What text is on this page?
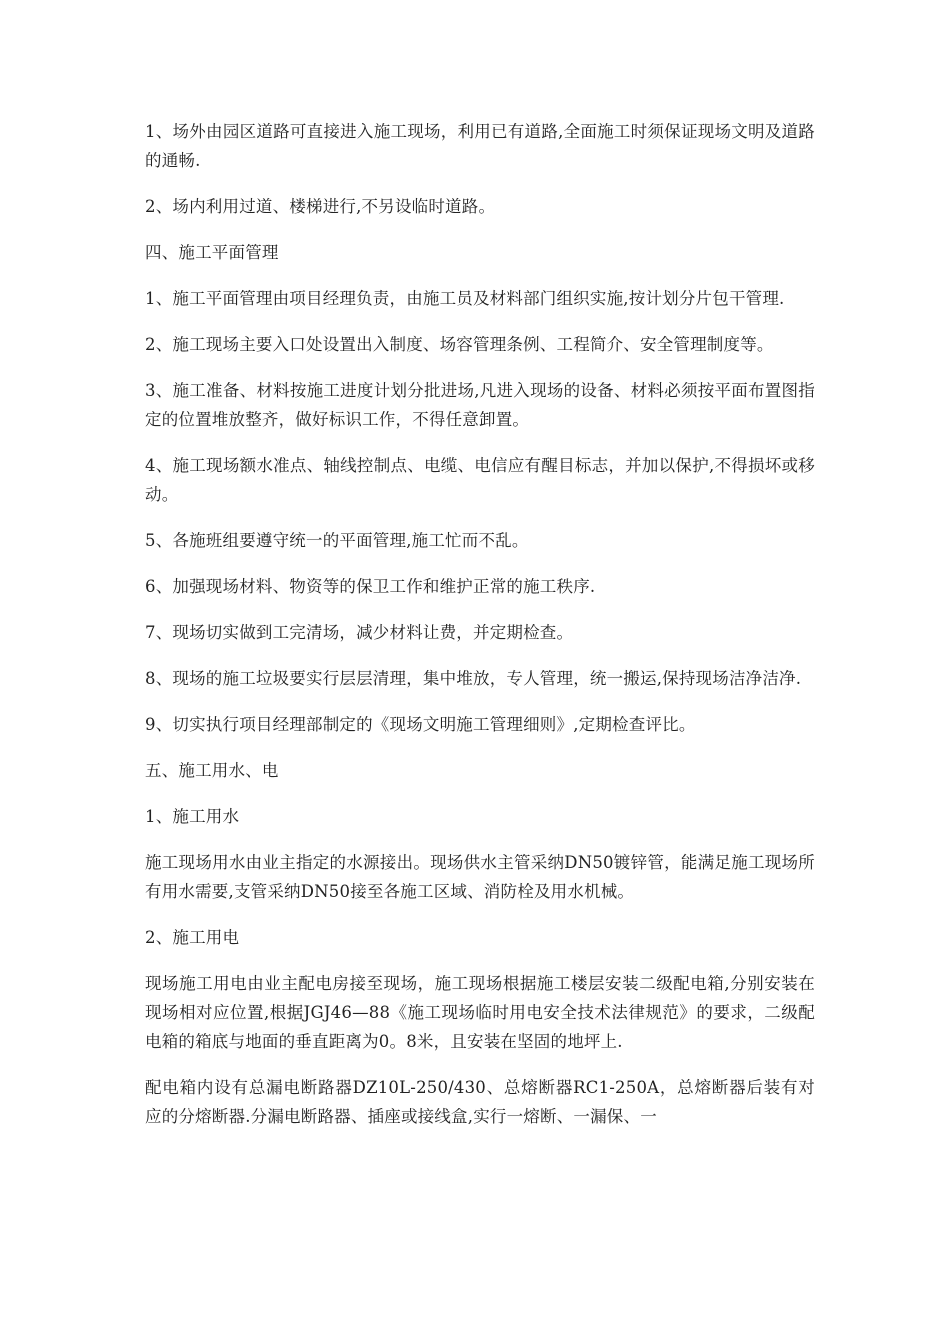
1、场外由园区道路可直接进入施工现场，利用已有道路,全面施工时须保证现场文明及道路的通畅.

2、场内利用过道、楼梯进行,不另设临时道路。

四、施工平面管理

1、施工平面管理由项目经理负责，由施工员及材料部门组织实施,按计划分片包干管理.

2、施工现场主要入口处设置出入制度、场容管理条例、工程简介、安全管理制度等。

3、施工准备、材料按施工进度计划分批进场,凡进入现场的设备、材料必须按平面布置图指定的位置堆放整齐，做好标识工作，不得任意卸置。

4、施工现场额水准点、轴线控制点、电缆、电信应有醒目标志，并加以保护,不得损坏或移动。

5、各施班组要遵守统一的平面管理,施工忙而不乱。

6、加强现场材料、物资等的保卫工作和维护正常的施工秩序.

7、现场切实做到工完清场，减少材料让费，并定期检查。

8、现场的施工垃圾要实行层层清理，集中堆放，专人管理，统一搬运,保持现场洁净洁净.

9、切实执行项目经理部制定的《现场文明施工管理细则》,定期检查评比。

五、施工用水、电

1、施工用水

施工现场用水由业主指定的水源接出。现场供水主管采纳DN50镀锌管，能满足施工现场所有用水需要,支管采纳DN50接至各施工区域、消防栓及用水机械。

2、施工用电

现场施工用电由业主配电房接至现场，施工现场根据施工楼层安装二级配电箱,分别安装在现场相对应位置,根据JGJ46—88《施工现场临时用电安全技术法律规范》的要求，二级配电箱的箱底与地面的垂直距离为0。8米，且安装在坚固的地坪上.

配电箱内设有总漏电断路器DZ10L-250/430、总熔断器RC1-250A，总熔断器后装有对应的分熔断器.分漏电断路器、插座或接线盒,实行一熔断、一漏保、一
